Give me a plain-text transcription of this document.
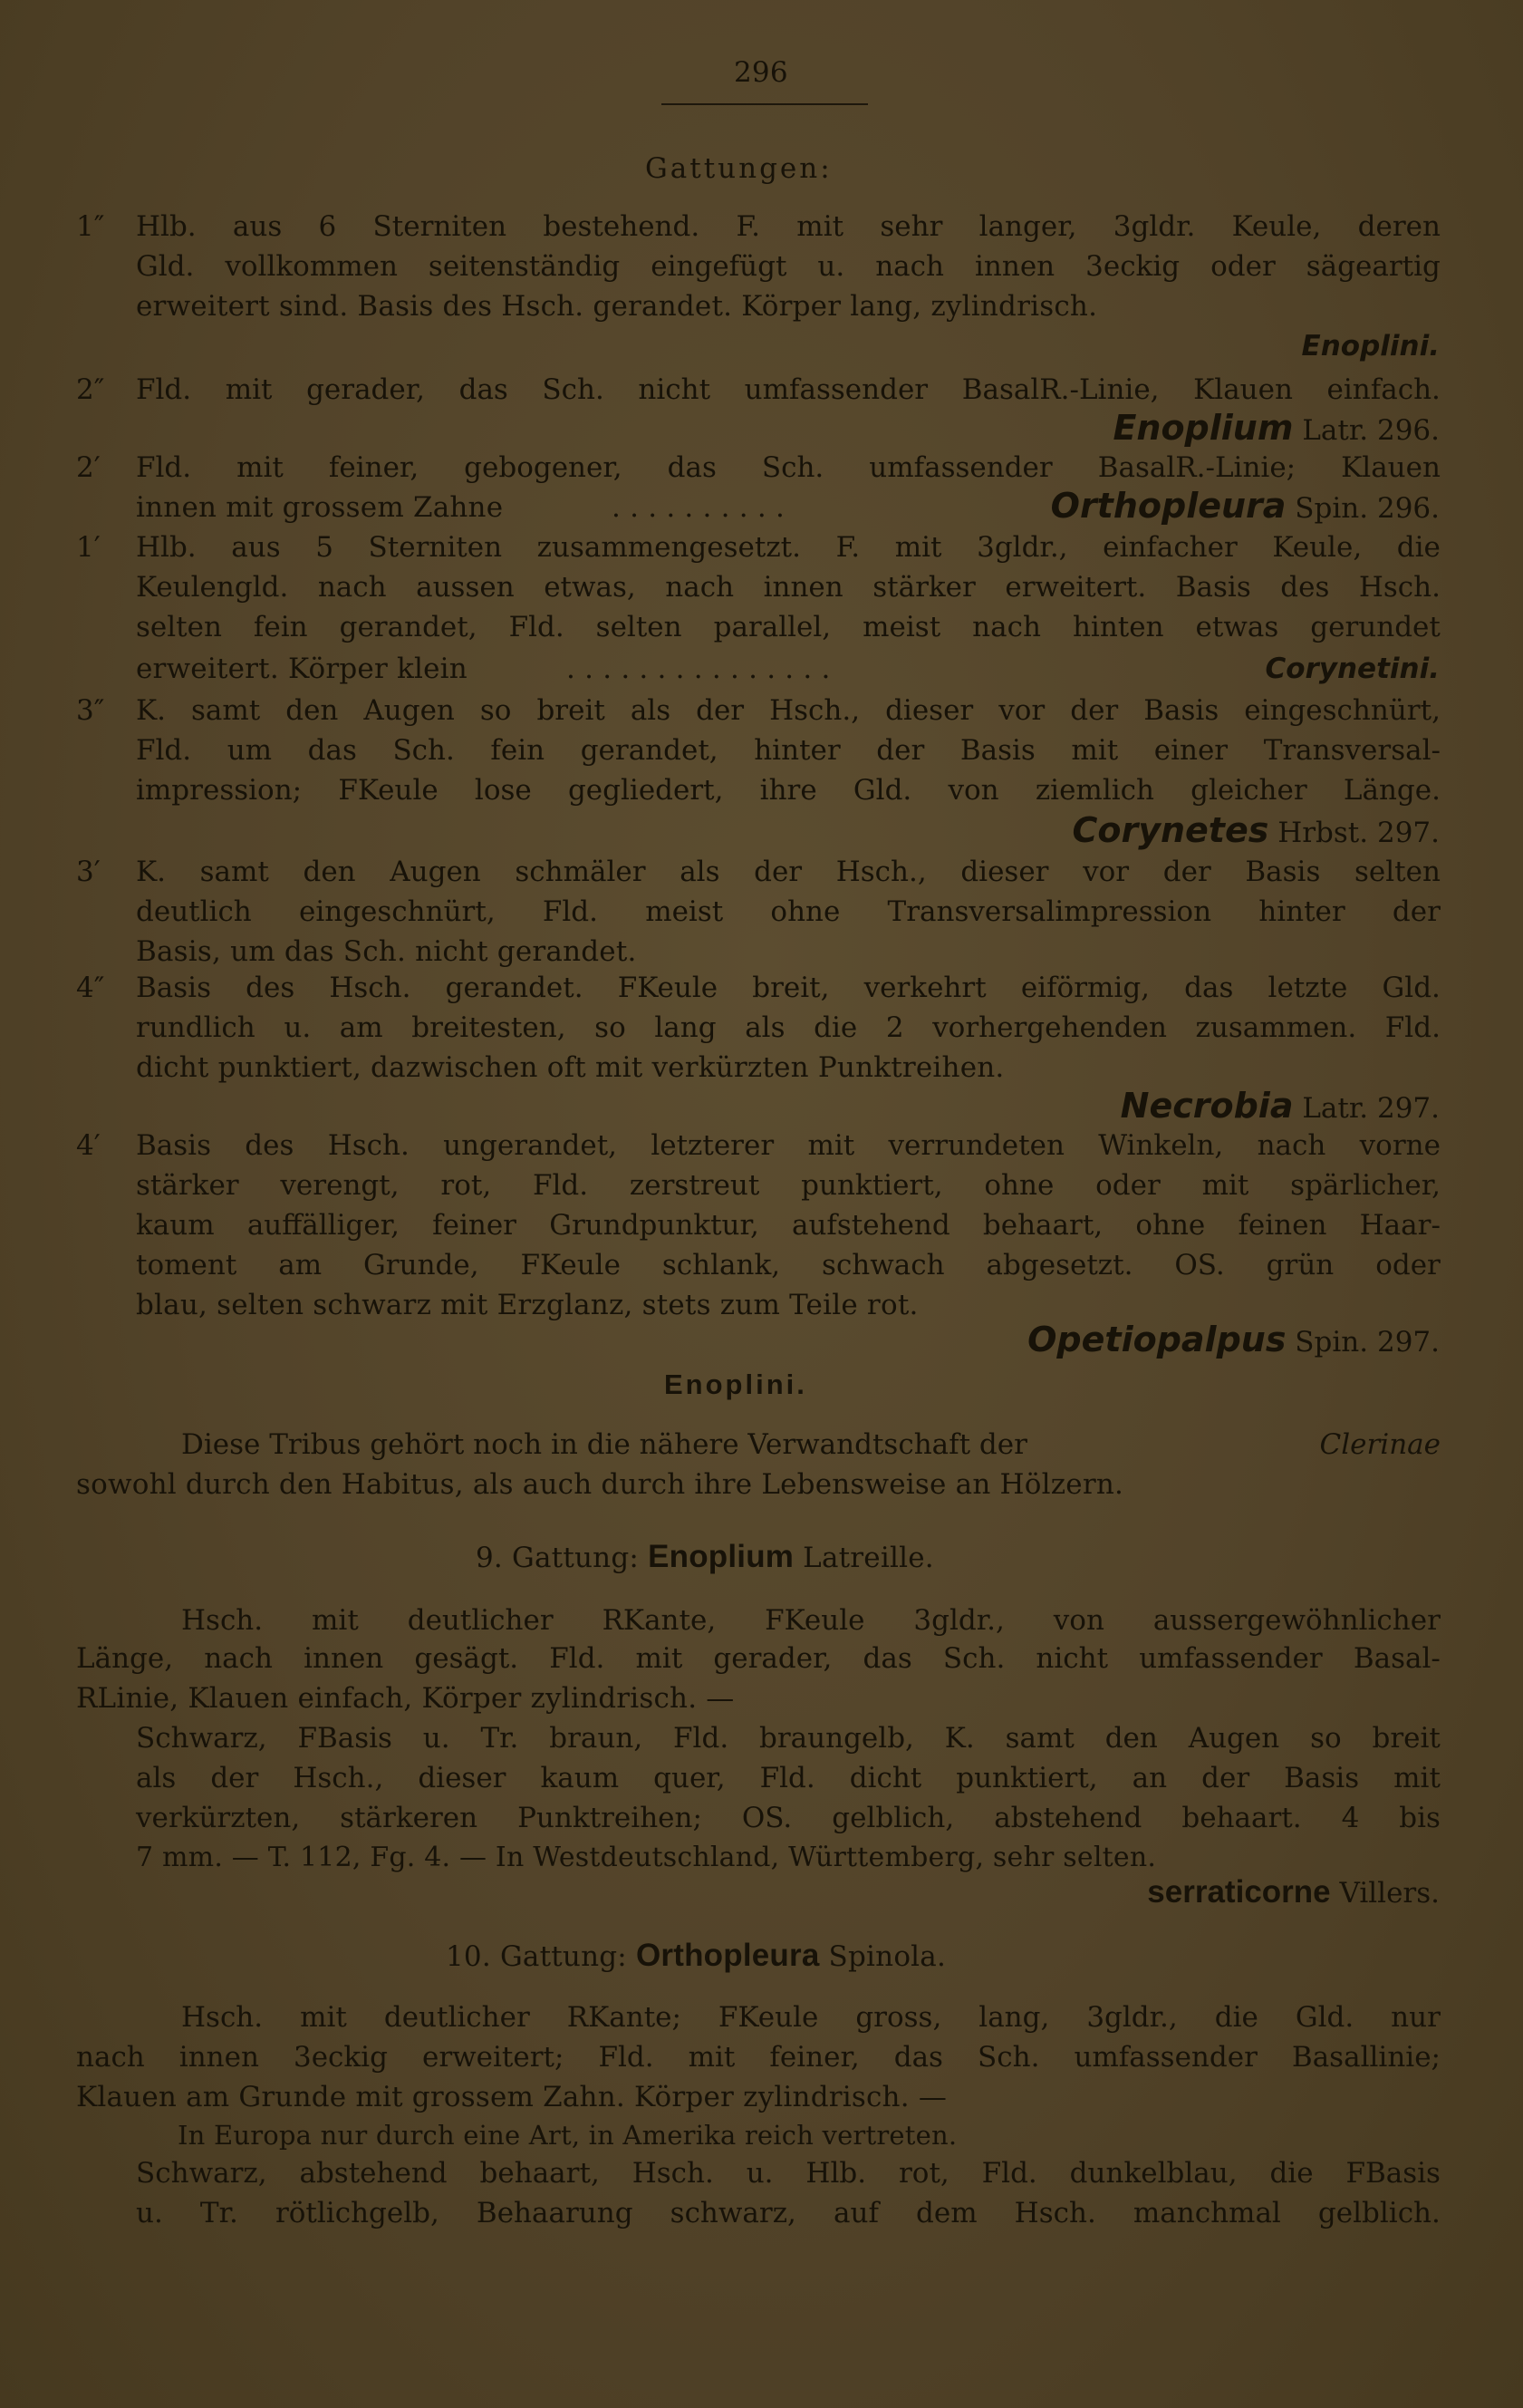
296
Gattungen:
1″ Hlb. aus 6 Sterniten bestehend. F. mit sehr langer, 3gldr. Keule, deren
Gld. vollkommen seitenständig eingefügt u. nach innen 3eckig oder sägeartig
erweitert sind. Basis des Hsch. gerandet. Körper lang, zylindrisch.
Enoplini.
2″ Fld. mit gerader, das Sch. nicht umfassender BasalR.-Linie, Klauen einfach.
Enoplium Latr. 296.
2′ Fld. mit feiner, gebogener, das Sch. umfassender BasalR.-Linie; Klauen
innen mit grossem Zahne	. . . . . . . . . .	Orthopleura Spin. 296.
1′ Hlb. aus 5 Sterniten zusammengesetzt. F. mit 3gldr., einfacher Keule, die
Keulengld. nach aussen etwas, nach innen stärker erweitert. Basis des Hsch.
selten fein gerandet, Fld. selten parallel, meist nach hinten etwas gerundet
erweitert. Körper klein	. . . . . . . . . . . . . . .	Corynetini.
3″ K. samt den Augen so breit als der Hsch., dieser vor der Basis eingeschnürt,
Fld. um das Sch. fein gerandet, hinter der Basis mit einer Transversal-
impression; FKeule lose gegliedert, ihre Gld. von ziemlich gleicher Länge.
Corynetes Hrbst. 297.
3′ K. samt den Augen schmäler als der Hsch., dieser vor der Basis selten
deutlich eingeschnürt, Fld. meist ohne Transversalimpression hinter der
Basis, um das Sch. nicht gerandet.
4″ Basis des Hsch. gerandet. FKeule breit, verkehrt eiförmig, das letzte Gld.
rundlich u. am breitesten, so lang als die 2 vorhergehenden zusammen. Fld.
dicht punktiert, dazwischen oft mit verkürzten Punktreihen.
Necrobia Latr. 297.
4′ Basis des Hsch. ungerandet, letzterer mit verrundeten Winkeln, nach vorne
stärker verengt, rot, Fld. zerstreut punktiert, ohne oder mit spärlicher,
kaum auffälliger, feiner Grundpunktur, aufstehend behaart, ohne feinen Haar-
toment am Grunde, FKeule schlank, schwach abgesetzt. OS. grün oder
blau, selten schwarz mit Erzglanz, stets zum Teile rot.
Opetiopalpus Spin. 297.
Enoplini.
Diese Tribus gehört noch in die nähere Verwandtschaft der	Clerinae
sowohl durch den Habitus, als auch durch ihre Lebensweise an Hölzern.
9. Gattung: Enoplium Latreille.
Hsch. mit deutlicher RKante, FKeule 3gldr., von aussergewöhnlicher
Länge, nach innen gesägt. Fld. mit gerader, das Sch. nicht umfassender Basal-
RLinie, Klauen einfach, Körper zylindrisch. —
Schwarz, FBasis u. Tr. braun, Fld. braungelb, K. samt den Augen so breit
als der Hsch., dieser kaum quer, Fld. dicht punktiert, an der Basis mit
verkürzten, stärkeren Punktreihen; OS. gelblich, abstehend behaart. 4 bis
7 mm. — T. 112, Fg. 4. — In Westdeutschland, Württemberg, sehr selten.
serraticorne Villers.
10. Gattung: Orthopleura Spinola.
Hsch. mit deutlicher RKante; FKeule gross, lang, 3gldr., die Gld. nur
nach innen 3eckig erweitert; Fld. mit feiner, das Sch. umfassender Basallinie;
Klauen am Grunde mit grossem Zahn. Körper zylindrisch. —
In Europa nur durch eine Art, in Amerika reich vertreten.
Schwarz, abstehend behaart, Hsch. u. Hlb. rot, Fld. dunkelblau, die FBasis
u. Tr. rötlichgelb, Behaarung schwarz, auf dem Hsch. manchmal gelblich.
